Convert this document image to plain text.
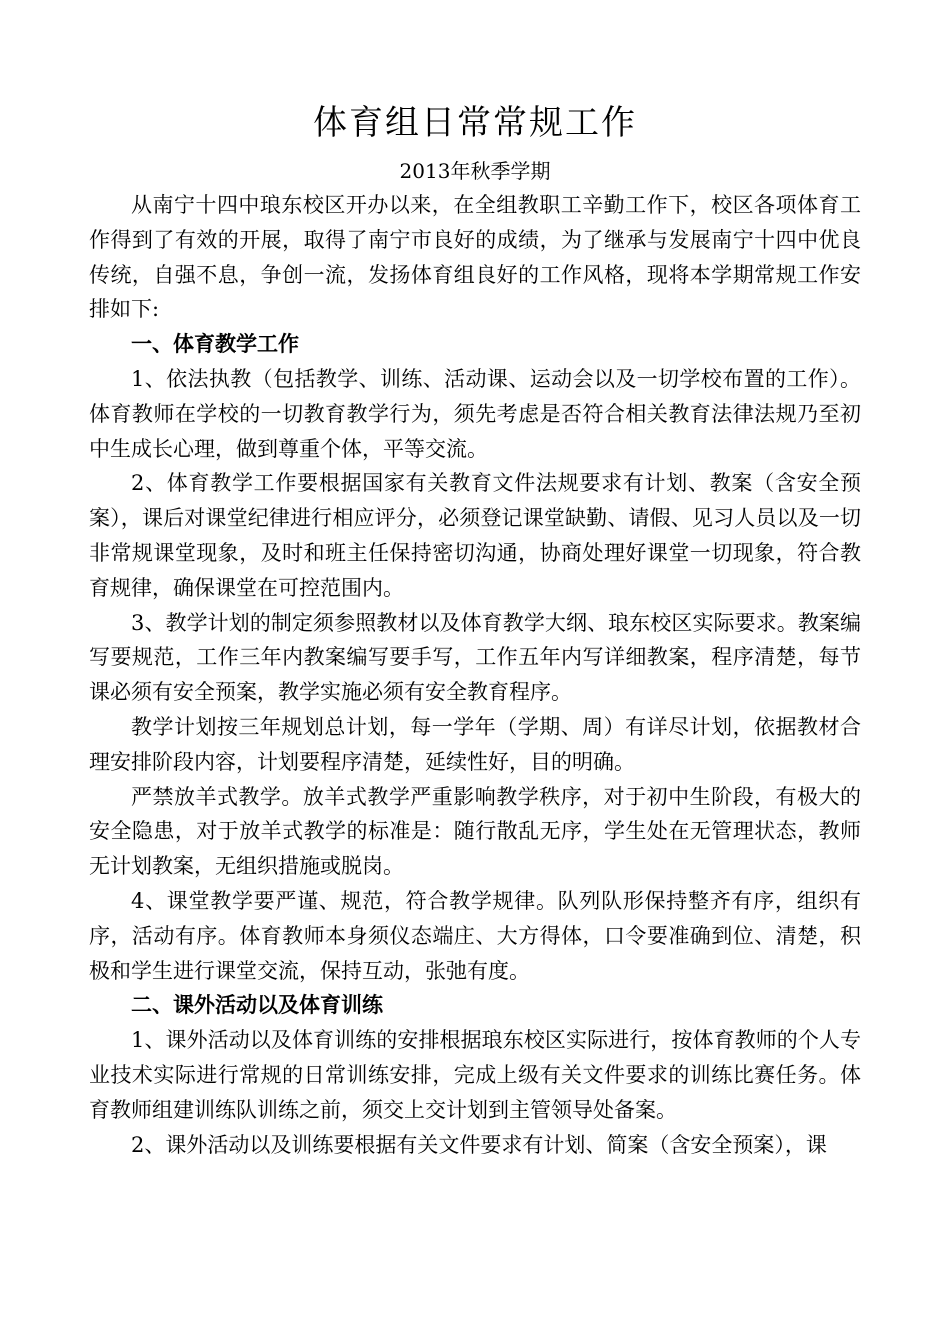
体育组日常常规工作
2013年秋季学期

从南宁十四中琅东校区开办以来，在全组教职工辛勤工作下，校区各项体育工作得到了有效的开展，取得了南宁市良好的成绩，为了继承与发展南宁十四中优良传统，自强不息，争创一流，发扬体育组良好的工作风格，现将本学期常规工作安排如下:

一、体育教学工作

1、依法执教（包括教学、训练、活动课、运动会以及一切学校布置的工作）。体育教师在学校的一切教育教学行为，须先考虑是否符合相关教育法律法规乃至初中生成长心理，做到尊重个体，平等交流。

2、体育教学工作要根据国家有关教育文件法规要求有计划、教案（含安全预案），课后对课堂纪律进行相应评分，必须登记课堂缺勤、请假、见习人员以及一切非常规课堂现象，及时和班主任保持密切沟通，协商处理好课堂一切现象，符合教育规律，确保课堂在可控范围内。

3、教学计划的制定须参照教材以及体育教学大纲、琅东校区实际要求。教案编写要规范，工作三年内教案编写要手写，工作五年内写详细教案，程序清楚，每节课必须有安全预案，教学实施必须有安全教育程序。

教学计划按三年规划总计划，每一学年（学期、周）有详尽计划，依据教材合理安排阶段内容，计划要程序清楚，延续性好，目的明确。

严禁放羊式教学。放羊式教学严重影响教学秩序，对于初中生阶段，有极大的安全隐患，对于放羊式教学的标准是：随行散乱无序，学生处在无管理状态，教师无计划教案，无组织措施或脱岗。

4、课堂教学要严谨、规范，符合教学规律。队列队形保持整齐有序，组织有序，活动有序。体育教师本身须仪态端庄、大方得体，口令要准确到位、清楚，积极和学生进行课堂交流，保持互动，张弛有度。

二、课外活动以及体育训练

1、课外活动以及体育训练的安排根据琅东校区实际进行，按体育教师的个人专业技术实际进行常规的日常训练安排，完成上级有关文件要求的训练比赛任务。体育教师组建训练队训练之前，须交上交计划到主管领导处备案。

2、课外活动以及训练要根据有关文件要求有计划、简案（含安全预案），课
